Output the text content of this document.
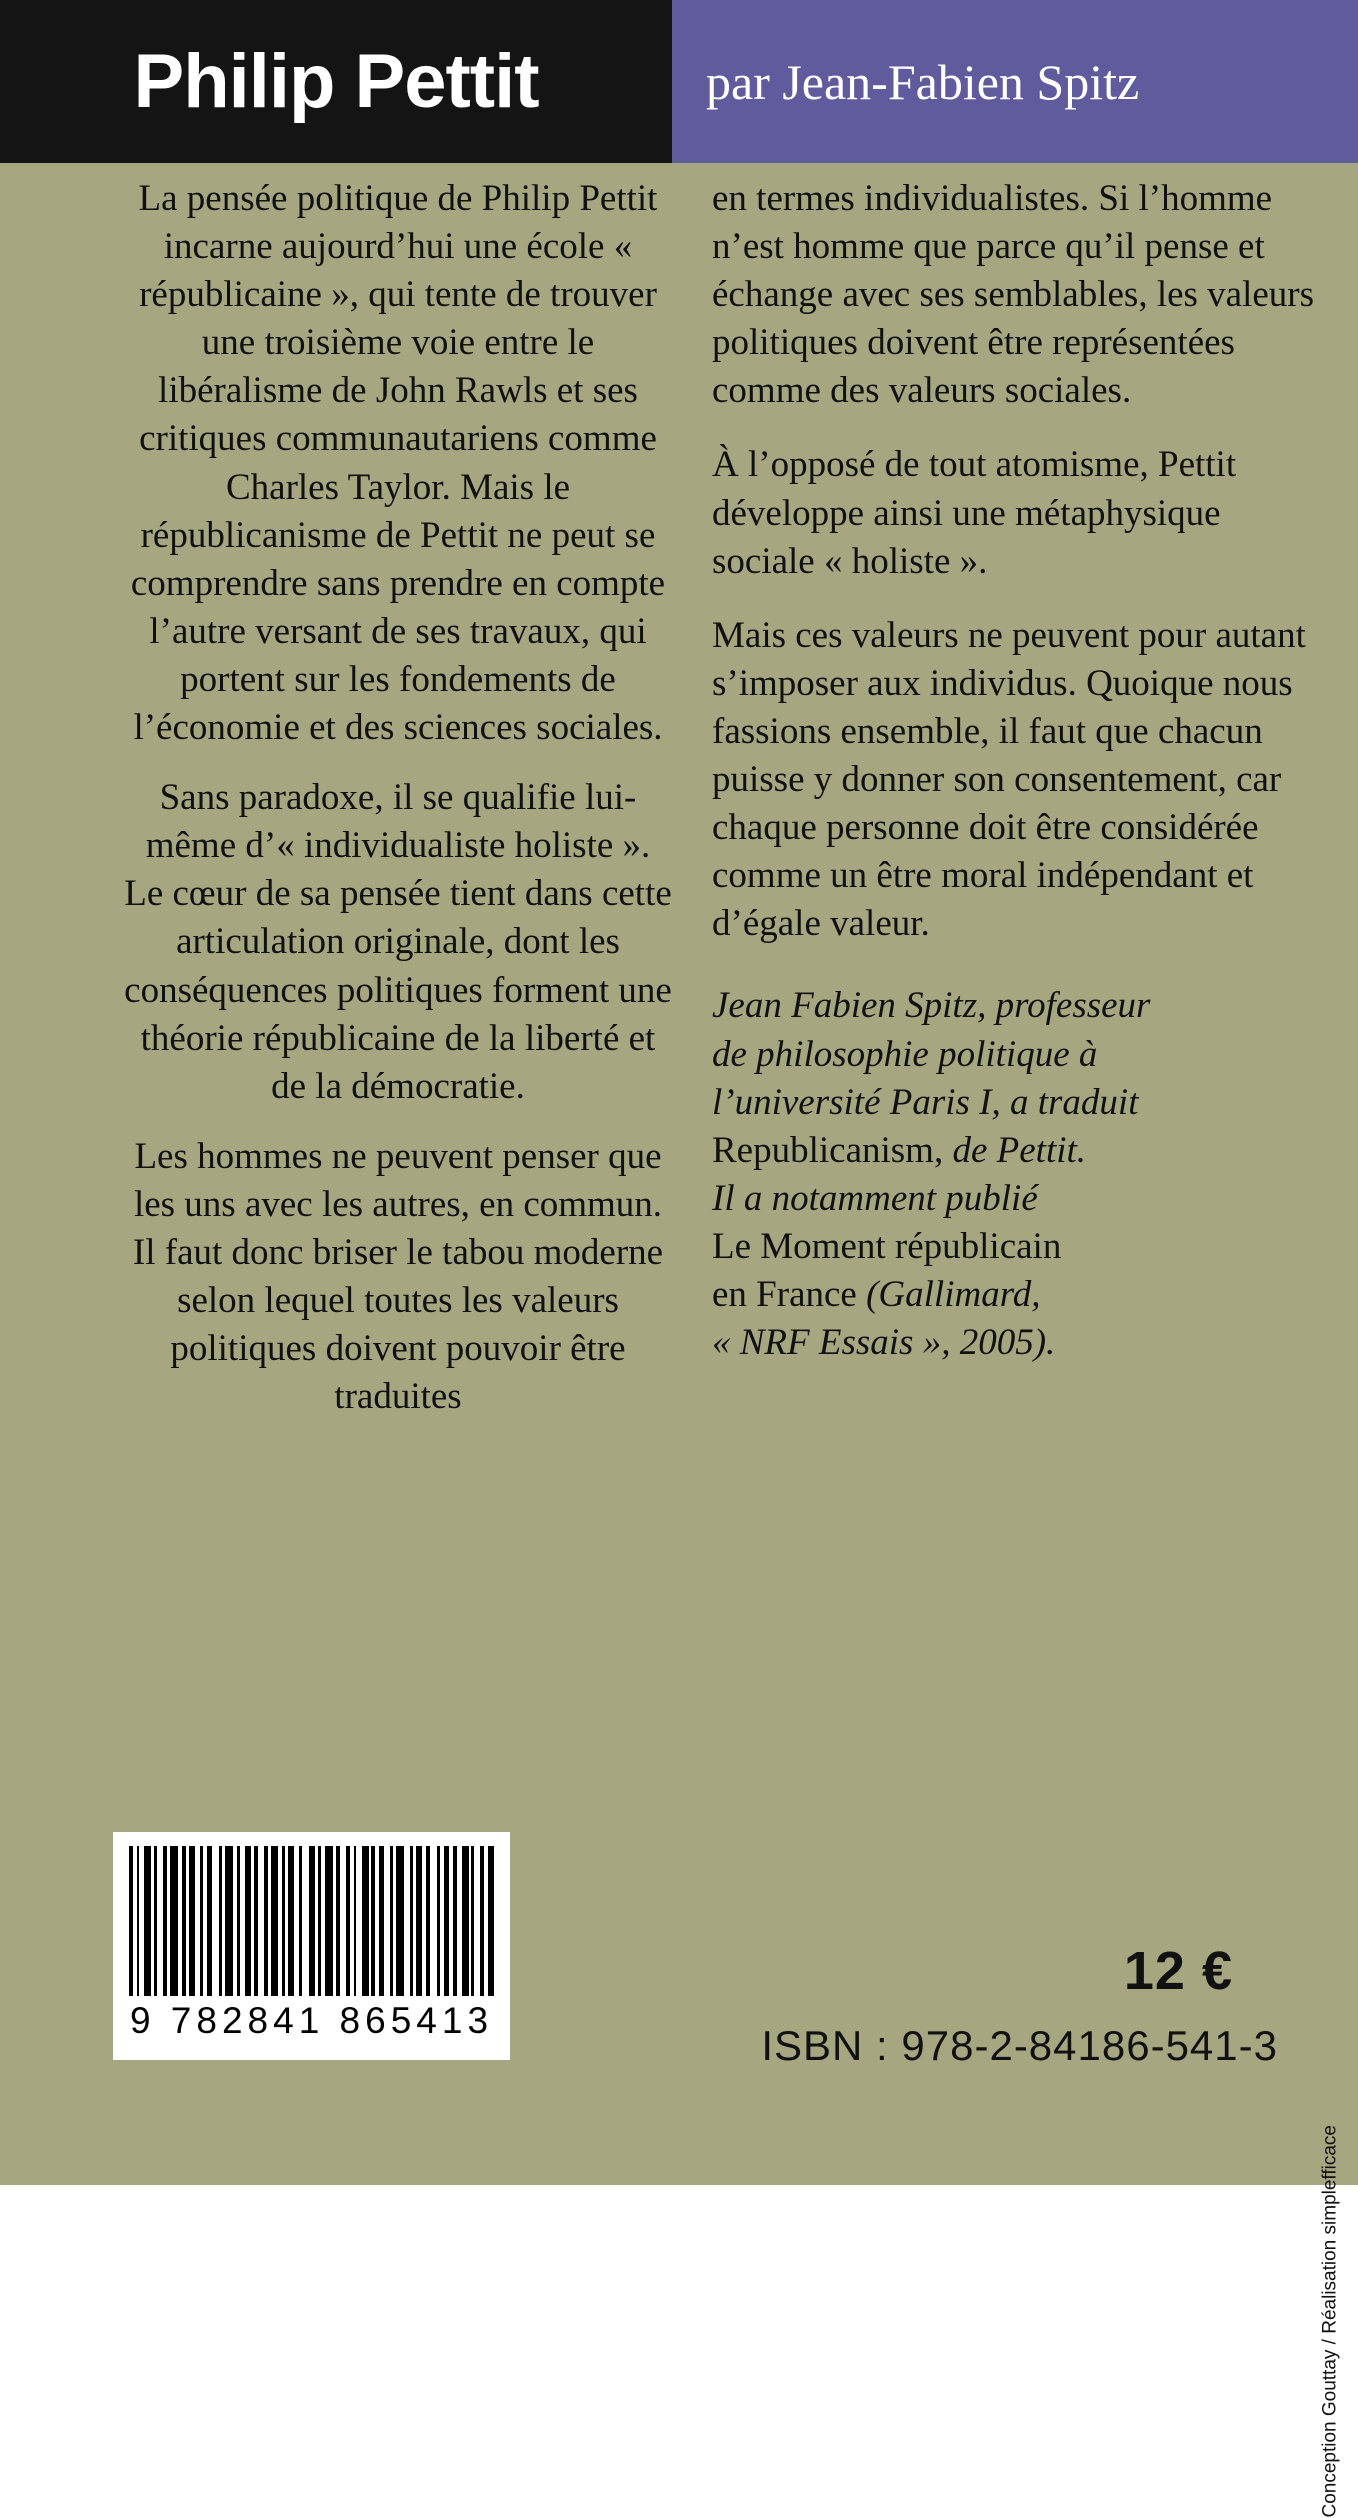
Philip Pettit	par Jean-Fabien Spitz

La pensée politique de Philip Pettit incarne aujourd’hui une école « républicaine », qui tente de trouver une troisième voie entre le libéralisme de John Rawls et ses critiques communautariens comme Charles Taylor. Mais le républicanisme de Pettit ne peut se comprendre sans prendre en compte l’autre versant de ses travaux, qui portent sur les fondements de l’économie et des sciences sociales.

Sans paradoxe, il se qualifie lui-même d’« individualiste holiste ». Le cœur de sa pensée tient dans cette articulation originale, dont les conséquences politiques forment une théorie républicaine de la liberté et de la démocratie.

Les hommes ne peuvent penser que les uns avec les autres, en commun. Il faut donc briser le tabou moderne selon lequel toutes les valeurs politiques doivent pouvoir être traduites

en termes individualistes. Si l’homme n’est homme que parce qu’il pense et échange avec ses semblables, les valeurs politiques doivent être représentées comme des valeurs sociales.

À l’opposé de tout atomisme, Pettit développe ainsi une métaphysique sociale « holiste ».

Mais ces valeurs ne peuvent pour autant s’imposer aux individus. Quoique nous fassions ensemble, il faut que chacun puisse y donner son consentement, car chaque personne doit être considérée comme un être moral indépendant et d’égale valeur.

Jean Fabien Spitz, professeur
de philosophie politique à
l’université Paris I, a traduit
Republicanism, de Pettit.
Il a notamment publié
Le Moment républicain
en France (Gallimard,
« NRF Essais », 2005).
9 782841 865413
12 €
ISBN : 978-2-84186-541-3
Conception Gouttay / Réalisation simplefficace
